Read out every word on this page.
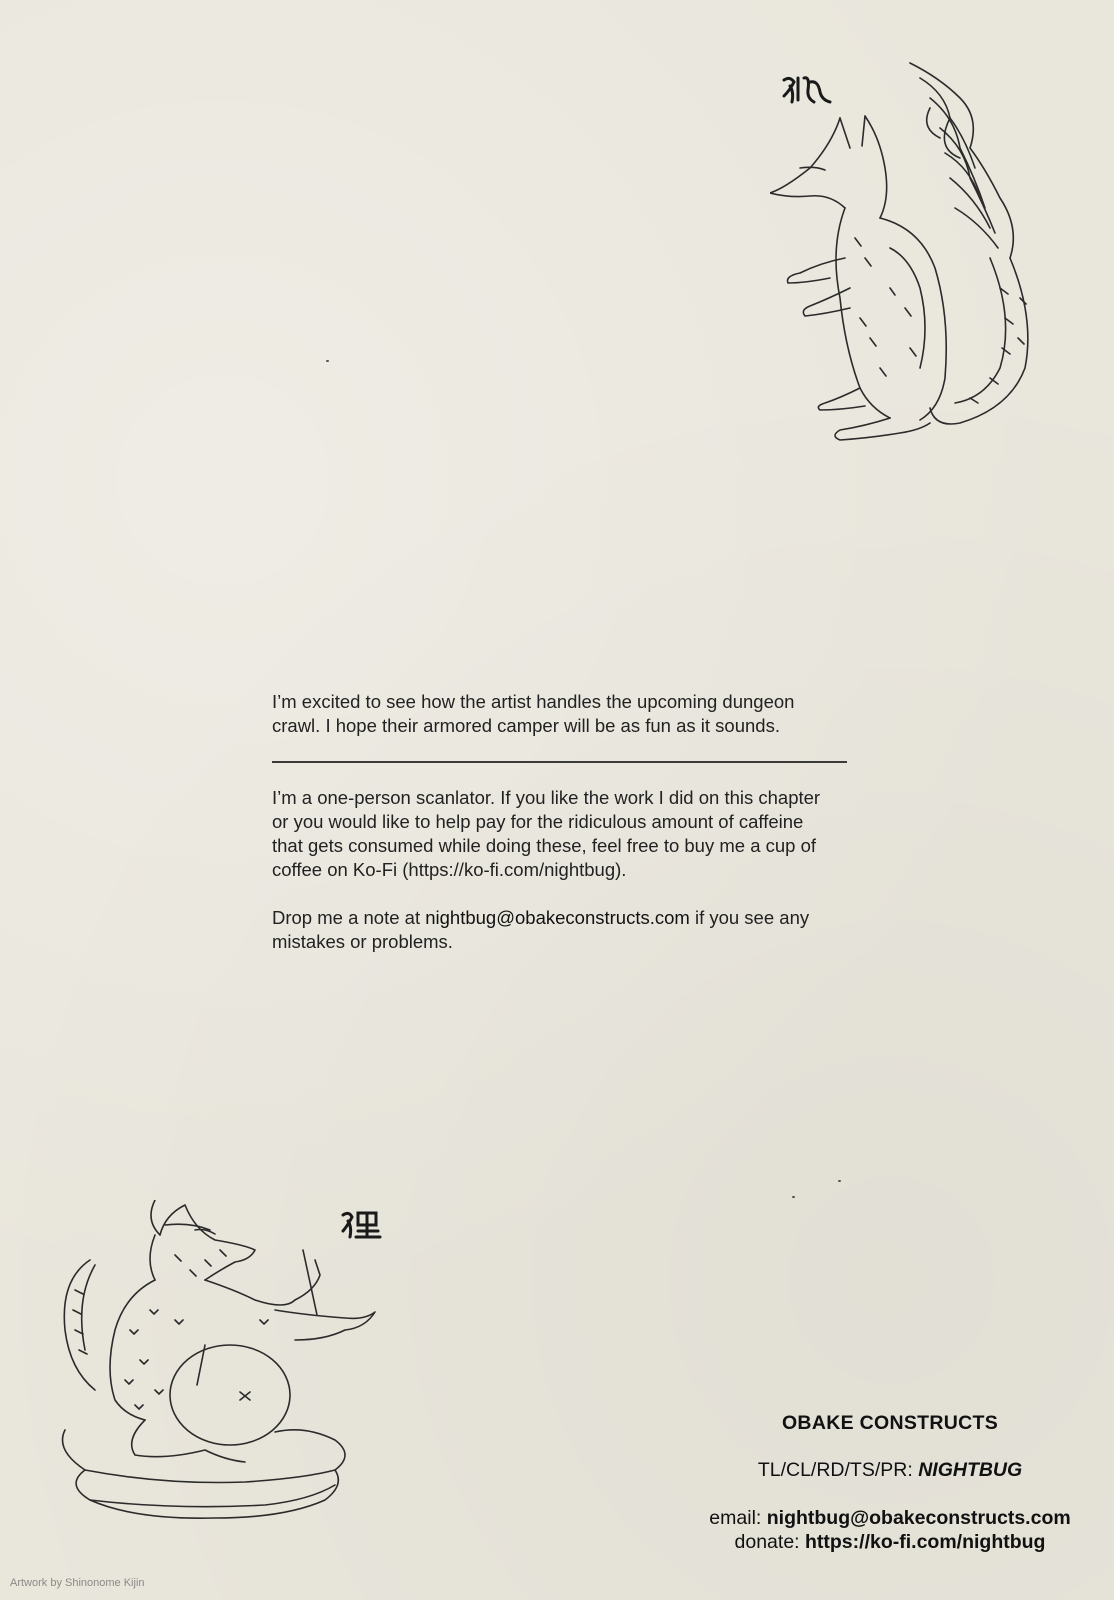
I’m excited to see how the artist handles the upcoming dungeon
crawl. I hope their armored camper will be as fun as it sounds.
I’m a one-person scanlator. If you like the work I did on this chapter
or you would like to help pay for the ridiculous amount of caffeine
that gets consumed while doing these, feel free to buy me a cup of
coffee on Ko-Fi (https://ko-fi.com/nightbug).
Drop me a note at nightbug@obakeconstructs.com if you see any
mistakes or problems.
OBAKE CONSTRUCTS
TL/CL/RD/TS/PR: NIGHTBUG
email: nightbug@obakeconstructs.com
donate: https://ko-fi.com/nightbug
Artwork by Shinonome Kijin
